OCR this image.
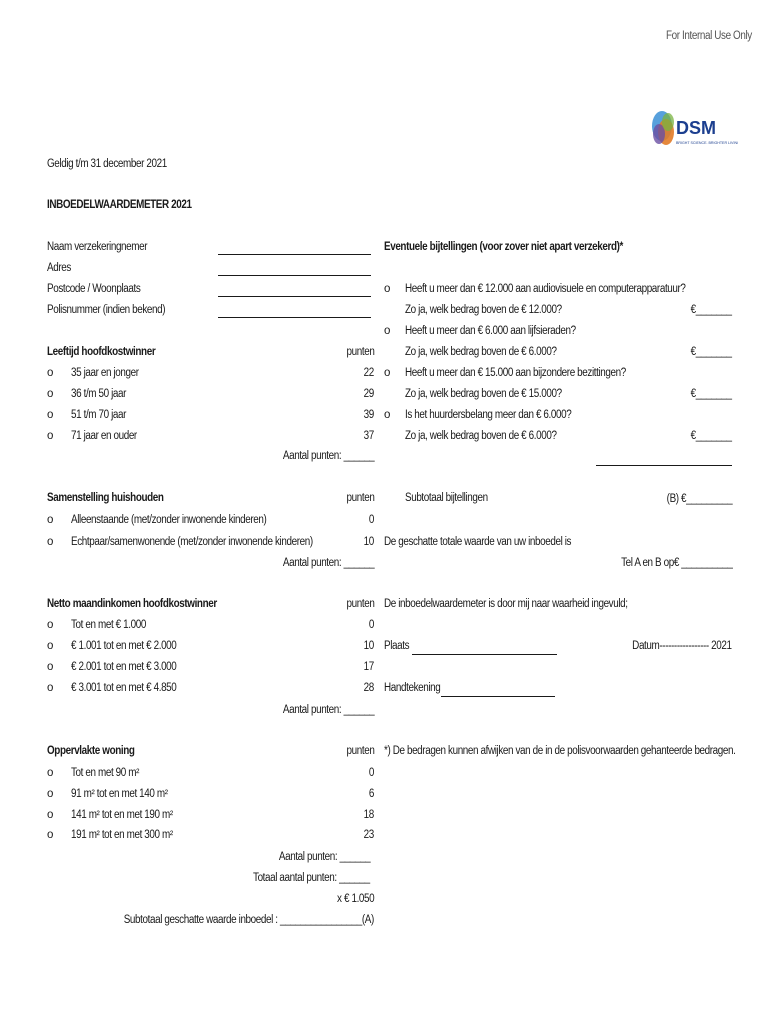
For Internal Use Only
DSM
BRIGHT SCIENCE. BRIGHTER LIVING.
Geldig t/m 31 december 2021
INBOEDELWAARDEMETER 2021
Naam verzekeringnemer
Adres
Postcode / Woonplaats
Polisnummer (indien bekend)
Leeftijd hoofdkostwinner	punten
o 35 jaar en jonger	22
o 36 t/m 50 jaar	29
o 51 t/m 70 jaar	39
o 71 jaar en ouder	37
Aantal punten: ______
Samenstelling huishouden	punten
o Alleenstaande (met/zonder inwonende kinderen)	0
o Echtpaar/samenwonende (met/zonder inwonende kinderen)	10
Aantal punten: ______
Netto maandinkomen hoofdkostwinner	punten
o Tot en met € 1.000	0
o € 1.001 tot en met € 2.000	10
o € 2.001 tot en met € 3.000	17
o € 3.001 tot en met € 4.850	28
Aantal punten: ______
Oppervlakte woning	punten
o Tot en met 90 m²	0
o 91 m² tot en met 140 m²	6
o 141 m² tot en met 190 m²	18
o 191 m² tot en met 300 m²	23
Aantal punten: ______
Totaal aantal punten: ______
x € 1.050
Subtotaal geschatte waarde inboedel : ________________(A)
Eventuele bijtellingen (voor zover niet apart verzekerd)*
o Heeft u meer dan € 12.000 aan audiovisuele en computerapparatuur?
Zo ja, welk bedrag boven de € 12.000?	€_______
o Heeft u meer dan € 6.000 aan lijfsieraden?
Zo ja, welk bedrag boven de € 6.000?	€_______
o Heeft u meer dan € 15.000 aan bijzondere bezittingen?
Zo ja, welk bedrag boven de € 15.000?	€_______
o Is het huurdersbelang meer dan € 6.000?
Zo ja, welk bedrag boven de € 6.000?	€_______
Subtotaal bijtellingen	(B) €_________
De geschatte totale waarde van uw inboedel is
Tel A en B op€ __________
De inboedelwaardemeter is door mij naar waarheid ingevuld;
Plaats	Datum----------------- 2021
Handtekening
*) De bedragen kunnen afwijken van de in de polisvoorwaarden gehanteerde bedragen.
